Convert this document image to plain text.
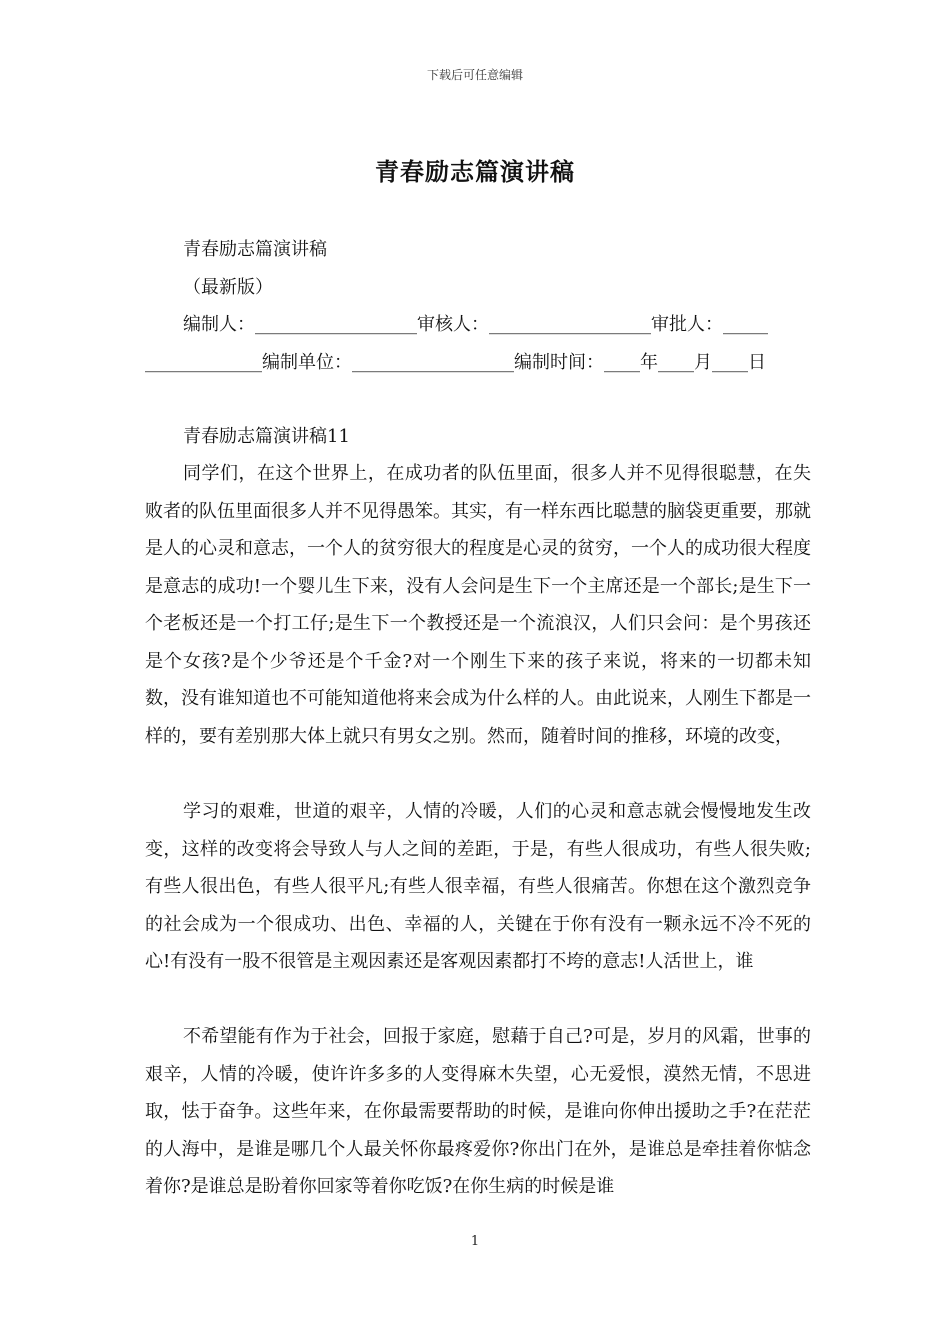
下载后可任意编辑
青春励志篇演讲稿
青春励志篇演讲稿
（最新版）
编制人：__________________审核人：__________________审批人：_____
_____________编制单位：__________________编制时间：____年____月____日
青春励志篇演讲稿11
同学们，在这个世界上，在成功者的队伍里面，很多人并不见得很聪慧，在失败者的队伍里面很多人并不见得愚笨。其实，有一样东西比聪慧的脑袋更重要，那就是人的心灵和意志，一个人的贫穷很大的程度是心灵的贫穷，一个人的成功很大程度是意志的成功!一个婴儿生下来，没有人会问是生下一个主席还是一个部长;是生下一个老板还是一个打工仔;是生下一个教授还是一个流浪汉，人们只会问：是个男孩还是个女孩?是个少爷还是个千金?对一个刚生下来的孩子来说，将来的一切都未知数，没有谁知道也不可能知道他将来会成为什么样的人。由此说来，人刚生下都是一样的，要有差别那大体上就只有男女之别。然而，随着时间的推移，环境的改变，
学习的艰难，世道的艰辛，人情的冷暖，人们的心灵和意志就会慢慢地发生改变，这样的改变将会导致人与人之间的差距，于是，有些人很成功，有些人很失败;有些人很出色，有些人很平凡;有些人很幸福，有些人很痛苦。你想在这个激烈竞争的社会成为一个很成功、出色、幸福的人，关键在于你有没有一颗永远不冷不死的心!有没有一股不很管是主观因素还是客观因素都打不垮的意志!人活世上，谁
不希望能有作为于社会，回报于家庭，慰藉于自己?可是，岁月的风霜，世事的艰辛，人情的冷暖，使许许多多的人变得麻木失望，心无爱恨，漠然无情，不思进取，怯于奋争。这些年来，在你最需要帮助的时候，是谁向你伸出援助之手?在茫茫的人海中，是谁是哪几个人最关怀你最疼爱你?你出门在外，是谁总是牵挂着你惦念着你?是谁总是盼着你回家等着你吃饭?在你生病的时候是谁
1
